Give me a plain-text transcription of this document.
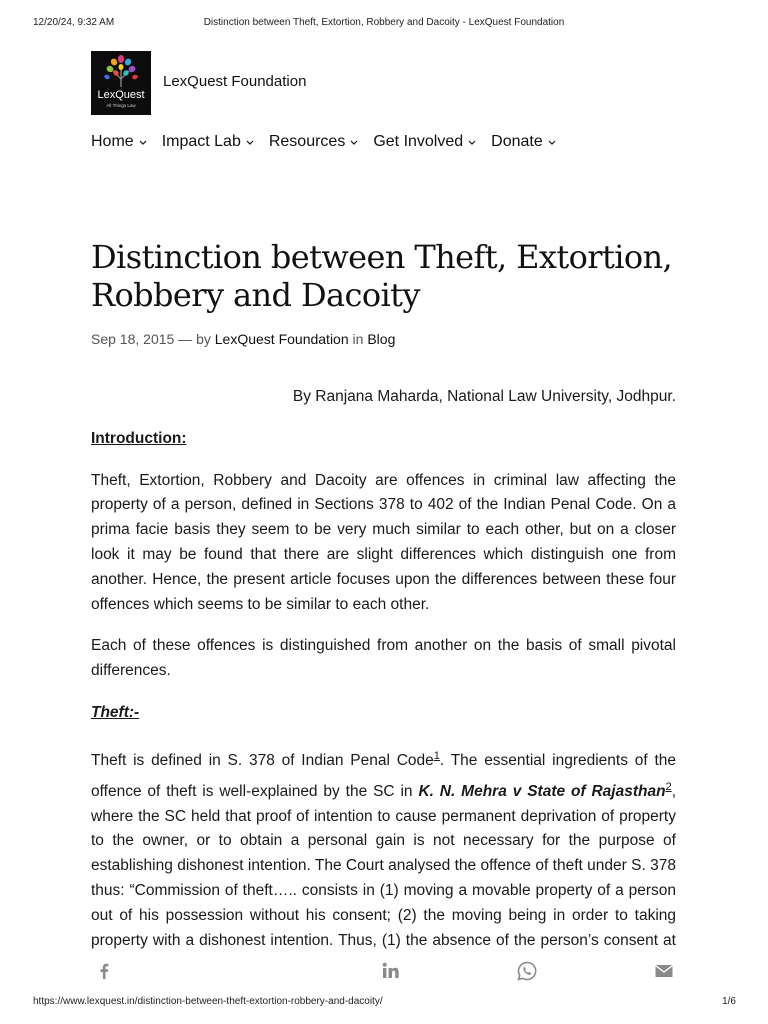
12/20/24, 9:32 AM	Distinction between Theft, Extortion, Robbery and Dacoity - LexQuest Foundation
LexQuest
All Things Law
LexQuest Foundation
Home Impact Lab Resources Get Involved Donate
Distinction between Theft, Extortion, Robbery and Dacoity
Sep 18, 2015 — by LexQuest Foundation in Blog

By Ranjana Maharda, National Law University, Jodhpur.

Introduction:

Theft, Extortion, Robbery and Dacoity are offences in criminal law affecting the property of a person, defined in Sections 378 to 402 of the Indian Penal Code. On a prima facie basis they seem to be very much similar to each other, but on a closer look it may be found that there are slight differences which distinguish one from another. Hence, the present article focuses upon the differences between these four offences which seems to be similar to each other.

Each of these offences is distinguished from another on the basis of small pivotal differences.

Theft:-

Theft is defined in S. 378 of Indian Penal Code$^1$. The essential ingredients of the offence of theft is well-explained by the SC in K. N. Mehra v State of Rajasthan$^2$, where the SC held that proof of intention to cause permanent deprivation of property to the owner, or to obtain a personal gain is not necessary for the purpose of establishing dishonest intention. The Court analysed the offence of theft under S. 378 thus: “Commission of theft….. consists in (1) moving a movable property of a person out of his possession without his consent; (2) the moving being in order to taking property with a dishonest intention. Thus, (1) the absence of the person’s consent at

https://www.lexquest.in/distinction-between-theft-extortion-robbery-and-dacoity/	1/6
